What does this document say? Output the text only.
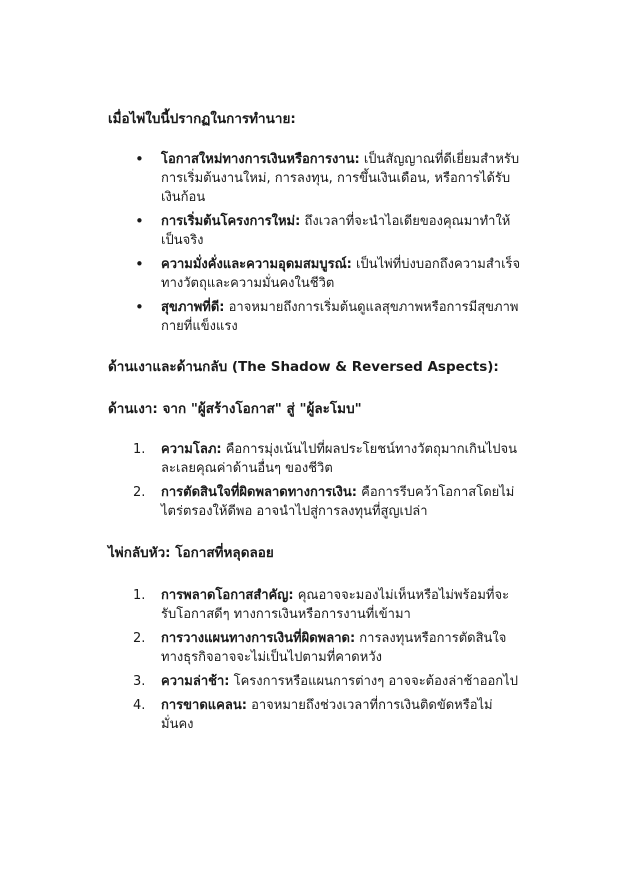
เมื่อไพ่ใบนี้ปรากฏในการทำนาย:
• โอกาสใหม่ทางการเงินหรือการงาน: เป็นสัญญาณที่ดีเยี่ยมสำหรับการเริ่มต้นงานใหม่, การลงทุน, การขึ้นเงินเดือน, หรือการได้รับเงินก้อน
• การเริ่มต้นโครงการใหม่: ถึงเวลาที่จะนำไอเดียของคุณมาทำให้เป็นจริง
• ความมั่งคั่งและความอุดมสมบูรณ์: เป็นไพ่ที่บ่งบอกถึงความสำเร็จทางวัตถุและความมั่นคงในชีวิต
• สุขภาพที่ดี: อาจหมายถึงการเริ่มต้นดูแลสุขภาพหรือการมีสุขภาพกายที่แข็งแรง
ด้านเงาและด้านกลับ (The Shadow & Reversed Aspects):
ด้านเงา: จาก "ผู้สร้างโอกาส" สู่ "ผู้ละโมบ"
1. ความโลภ: คือการมุ่งเน้นไปที่ผลประโยชน์ทางวัตถุมากเกินไปจนละเลยคุณค่าด้านอื่นๆ ของชีวิต
2. การตัดสินใจที่ผิดพลาดทางการเงิน: คือการรีบคว้าโอกาสโดยไม่ไตร่ตรองให้ดีพอ อาจนำไปสู่การลงทุนที่สูญเปล่า
ไพ่กลับหัว: โอกาสที่หลุดลอย
1. การพลาดโอกาสสำคัญ: คุณอาจจะมองไม่เห็นหรือไม่พร้อมที่จะรับโอกาสดีๆ ทางการเงินหรือการงานที่เข้ามา
2. การวางแผนทางการเงินที่ผิดพลาด: การลงทุนหรือการตัดสินใจทางธุรกิจอาจจะไม่เป็นไปตามที่คาดหวัง
3. ความล่าช้า: โครงการหรือแผนการต่างๆ อาจจะต้องล่าช้าออกไป
4. การขาดแคลน: อาจหมายถึงช่วงเวลาที่การเงินติดขัดหรือไม่มั่นคง
